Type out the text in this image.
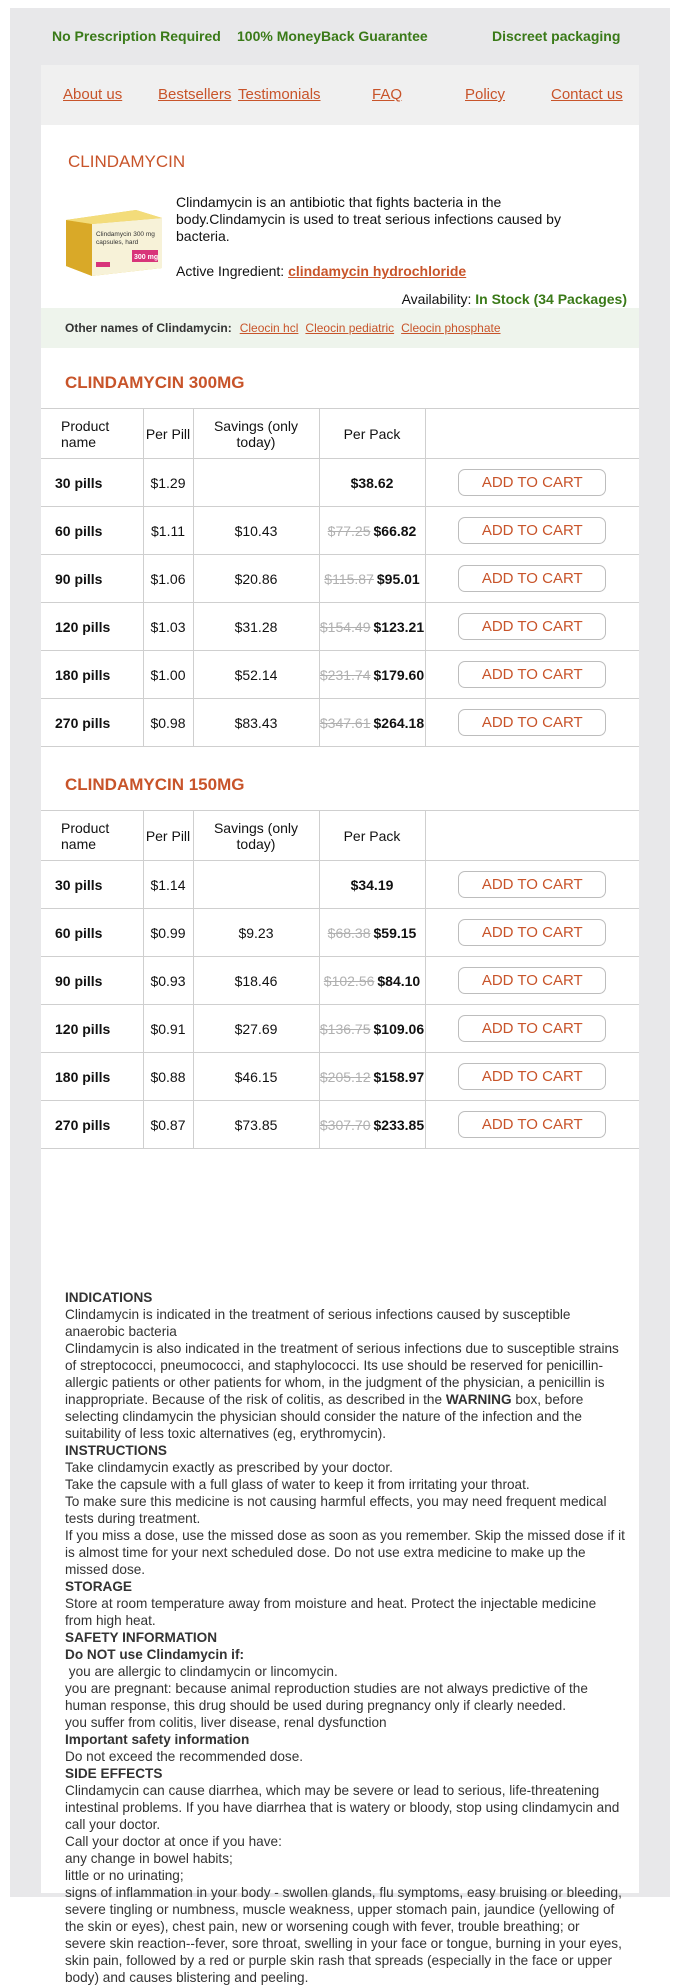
No Prescription Required	100% MoneyBack Guarantee	Discreet packaging
About us Bestsellers Testimonials	FAQ	Policy	Contact us
CLINDAMYCIN
Clindamycin 300 mg
capsules, hard
300 mg
Clindamycin is an antibiotic that fights bacteria in the body.Clindamycin is used to treat serious infections caused by bacteria.
Active Ingredient: clindamycin hydrochloride
Availability: In Stock (34 Packages)
Other names of Clindamycin: Cleocin hcl Cleocin pediatric Cleocin phosphate
CLINDAMYCIN 300MG
Product name	Per Pill	Savings (only today)	Per Pack	
30 pills	$1.29		$38.62	ADD TO CART
60 pills	$1.11	$10.43	$77.25 $66.82	ADD TO CART
90 pills	$1.06	$20.86	$115.87 $95.01	ADD TO CART
120 pills	$1.03	$31.28	$154.49 $123.21	ADD TO CART
180 pills	$1.00	$52.14	$231.74 $179.60	ADD TO CART
270 pills	$0.98	$83.43	$347.61 $264.18	ADD TO CART
CLINDAMYCIN 150MG
Product name	Per Pill	Savings (only today)	Per Pack	
30 pills	$1.14		$34.19	ADD TO CART
60 pills	$0.99	$9.23	$68.38 $59.15	ADD TO CART
90 pills	$0.93	$18.46	$102.56 $84.10	ADD TO CART
120 pills	$0.91	$27.69	$136.75 $109.06	ADD TO CART
180 pills	$0.88	$46.15	$205.12 $158.97	ADD TO CART
270 pills	$0.87	$73.85	$307.70 $233.85	ADD TO CART
INDICATIONS
Clindamycin is indicated in the treatment of serious infections caused by susceptible anaerobic bacteria
Clindamycin is also indicated in the treatment of serious infections due to susceptible strains of streptococci, pneumococci, and staphylococci. Its use should be reserved for penicillin-allergic patients or other patients for whom, in the judgment of the physician, a penicillin is inappropriate. Because of the risk of colitis, as described in the WARNING box, before selecting clindamycin the physician should consider the nature of the infection and the suitability of less toxic alternatives (eg, erythromycin).
INSTRUCTIONS
Take clindamycin exactly as prescribed by your doctor.
Take the capsule with a full glass of water to keep it from irritating your throat.
To make sure this medicine is not causing harmful effects, you may need frequent medical tests during treatment.
If you miss a dose, use the missed dose as soon as you remember. Skip the missed dose if it is almost time for your next scheduled dose. Do not use extra medicine to make up the missed dose.
STORAGE
Store at room temperature away from moisture and heat. Protect the injectable medicine from high heat.
SAFETY INFORMATION
Do NOT use Clindamycin if:
you are allergic to clindamycin or lincomycin.
you are pregnant: because animal reproduction studies are not always predictive of the human response, this drug should be used during pregnancy only if clearly needed.
you suffer from colitis, liver disease, renal dysfunction
Important safety information
Do not exceed the recommended dose.
SIDE EFFECTS
Clindamycin can cause diarrhea, which may be severe or lead to serious, life-threatening intestinal problems. If you have diarrhea that is watery or bloody, stop using clindamycin and call your doctor.
Call your doctor at once if you have:
any change in bowel habits;
little or no urinating;
signs of inflammation in your body - swollen glands, flu symptoms, easy bruising or bleeding, severe tingling or numbness, muscle weakness, upper stomach pain, jaundice (yellowing of the skin or eyes), chest pain, new or worsening cough with fever, trouble breathing; or
severe skin reaction--fever, sore throat, swelling in your face or tongue, burning in your eyes, skin pain, followed by a red or purple skin rash that spreads (especially in the face or upper body) and causes blistering and peeling.
